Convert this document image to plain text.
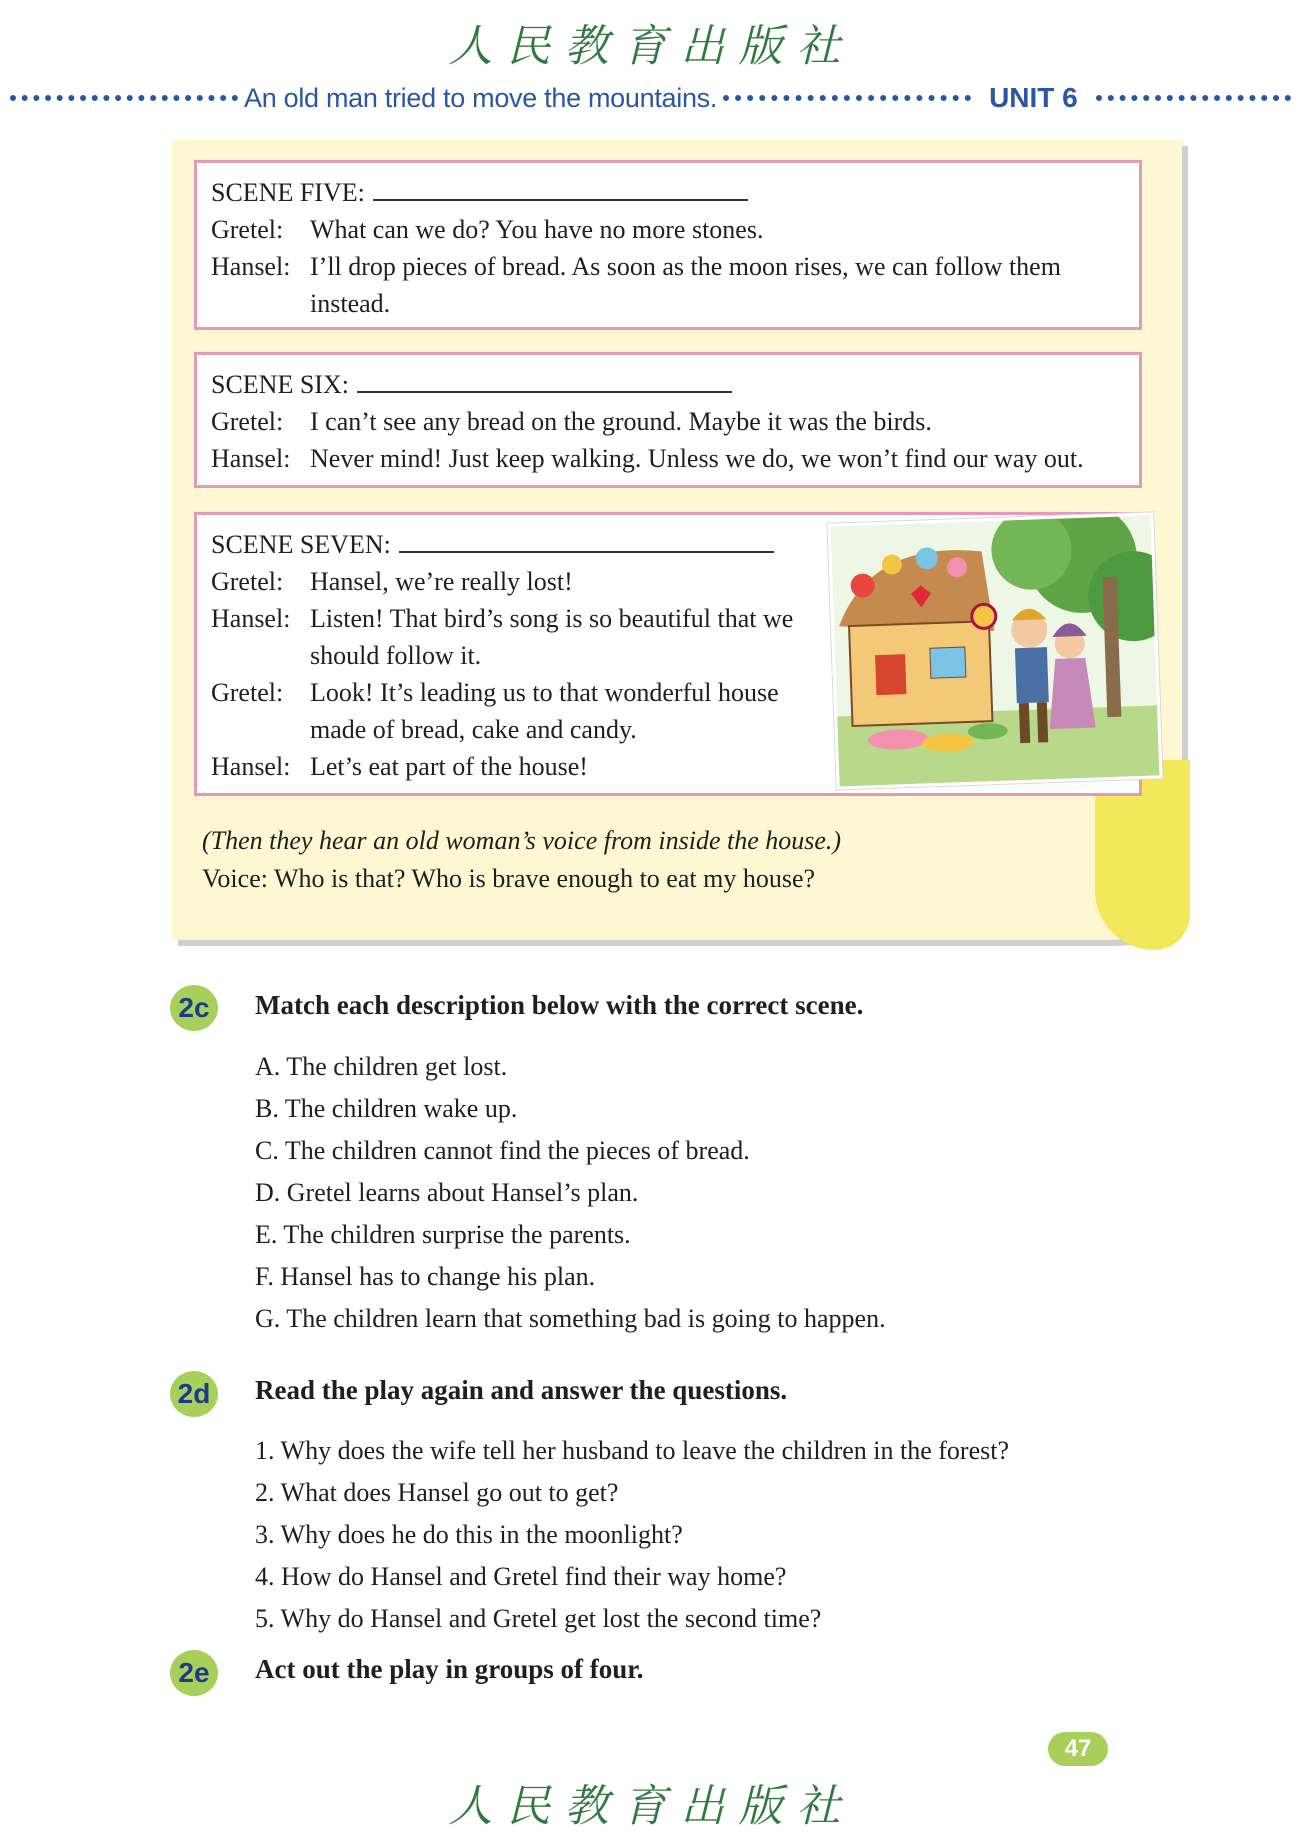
人民教育出版社
An old man tried to move the mountains.	UNIT 6
SCENE FIVE:
Gretel:	What can we do? You have no more stones.
Hansel: I’ll drop pieces of bread. As soon as the moon rises, we can follow them instead.
SCENE SIX:
Gretel:	I can’t see any bread on the ground. Maybe it was the birds.
Hansel: Never mind! Just keep walking. Unless we do, we won’t find our way out.
SCENE SEVEN:
Gretel:	Hansel, we’re really lost!
Hansel: Listen! That bird’s song is so beautiful that we should follow it.
Gretel:	Look! It’s leading us to that wonderful house made of bread, cake and candy.
Hansel: Let’s eat part of the house!
(Then they hear an old woman’s voice from inside the house.)
Voice: Who is that? Who is brave enough to eat my house?
2c	Match each description below with the correct scene.
A. The children get lost.
B. The children wake up.
C. The children cannot find the pieces of bread.
D. Gretel learns about Hansel’s plan.
E. The children surprise the parents.
F. Hansel has to change his plan.
G. The children learn that something bad is going to happen.
2d Read the play again and answer the questions.
1. Why does the wife tell her husband to leave the children in the forest?
2. What does Hansel go out to get?
3. Why does he do this in the moonlight?
4. How do Hansel and Gretel find their way home?
5. Why do Hansel and Gretel get lost the second time?
2e	Act out the play in groups of four.
47
人民教育出版社
